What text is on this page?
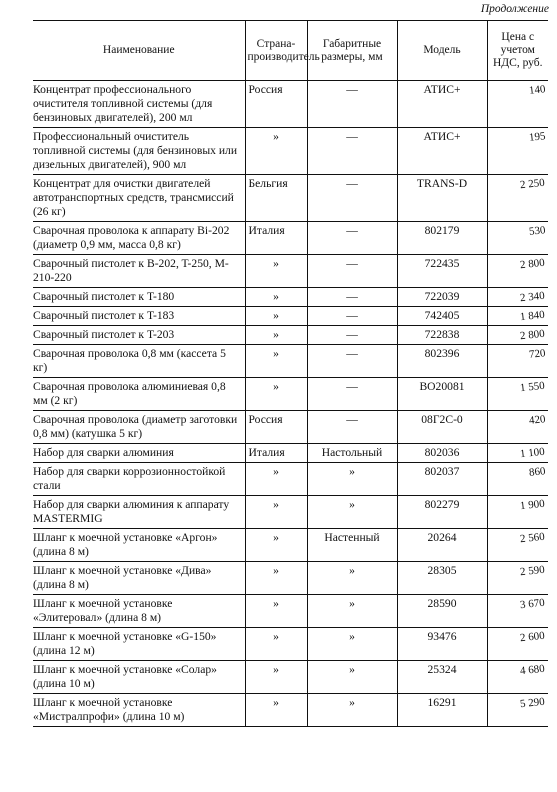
Продолжение
Наименование	Страна-производитель	Габаритные размеры, мм	Модель	Цена с учетом НДС, руб.
Концентрат профессионального очистителя топливной системы (для бензиновых двигателей), 200 мл	Россия	—	АТИС+	140
Профессиональный очиститель топливной системы (для бензиновых или дизельных двигателей), 900 мл	»	—	АТИС+	195
Концентрат для очистки двигателей автотранспортных средств, трансмиссий (26 кг)	Бельгия	—	TRANS-D	2 250
Сварочная проволока к аппарату Bi-202 (диаметр 0,9 мм, масса 0,8 кг)	Италия	—	802179	530
Сварочный пистолет к B-202, T-250, M-210-220	»	—	722435	2 800
Сварочный пистолет к T-180	»	—	722039	2 340
Сварочный пистолет к T-183	»	—	742405	1 840
Сварочный пистолет к T-203	»	—	722838	2 800
Сварочная проволока 0,8 мм (кассета 5 кг)	»	—	802396	720
Сварочная проволока алюминиевая 0,8 мм (2 кг)	»	—	BO20081	1 550
Сварочная проволока (диаметр заготовки 0,8 мм) (катушка 5 кг)	Россия	—	08Г2С-0	420
Набор для сварки алюминия	Италия	Настольный	802036	1 100
Набор для сварки коррозионностойкой стали	»	»	802037	860
Набор для сварки алюминия к аппарату MASTERMIG	»	»	802279	1 900
Шланг к моечной установке «Аргон» (длина 8 м)	»	Настенный	20264	2 560
Шланг к моечной установке «Дива» (длина 8 м)	»	»	28305	2 590
Шланг к моечной установке «Элитеровал» (длина 8 м)	»	»	28590	3 670
Шланг к моечной установке «G-150» (длина 12 м)	»	»	93476	2 600
Шланг к моечной установке «Солар» (длина 10 м)	»	»	25324	4 680
Шланг к моечной установке «Мистралпрофи» (длина 10 м)	»	»	16291	5 290
